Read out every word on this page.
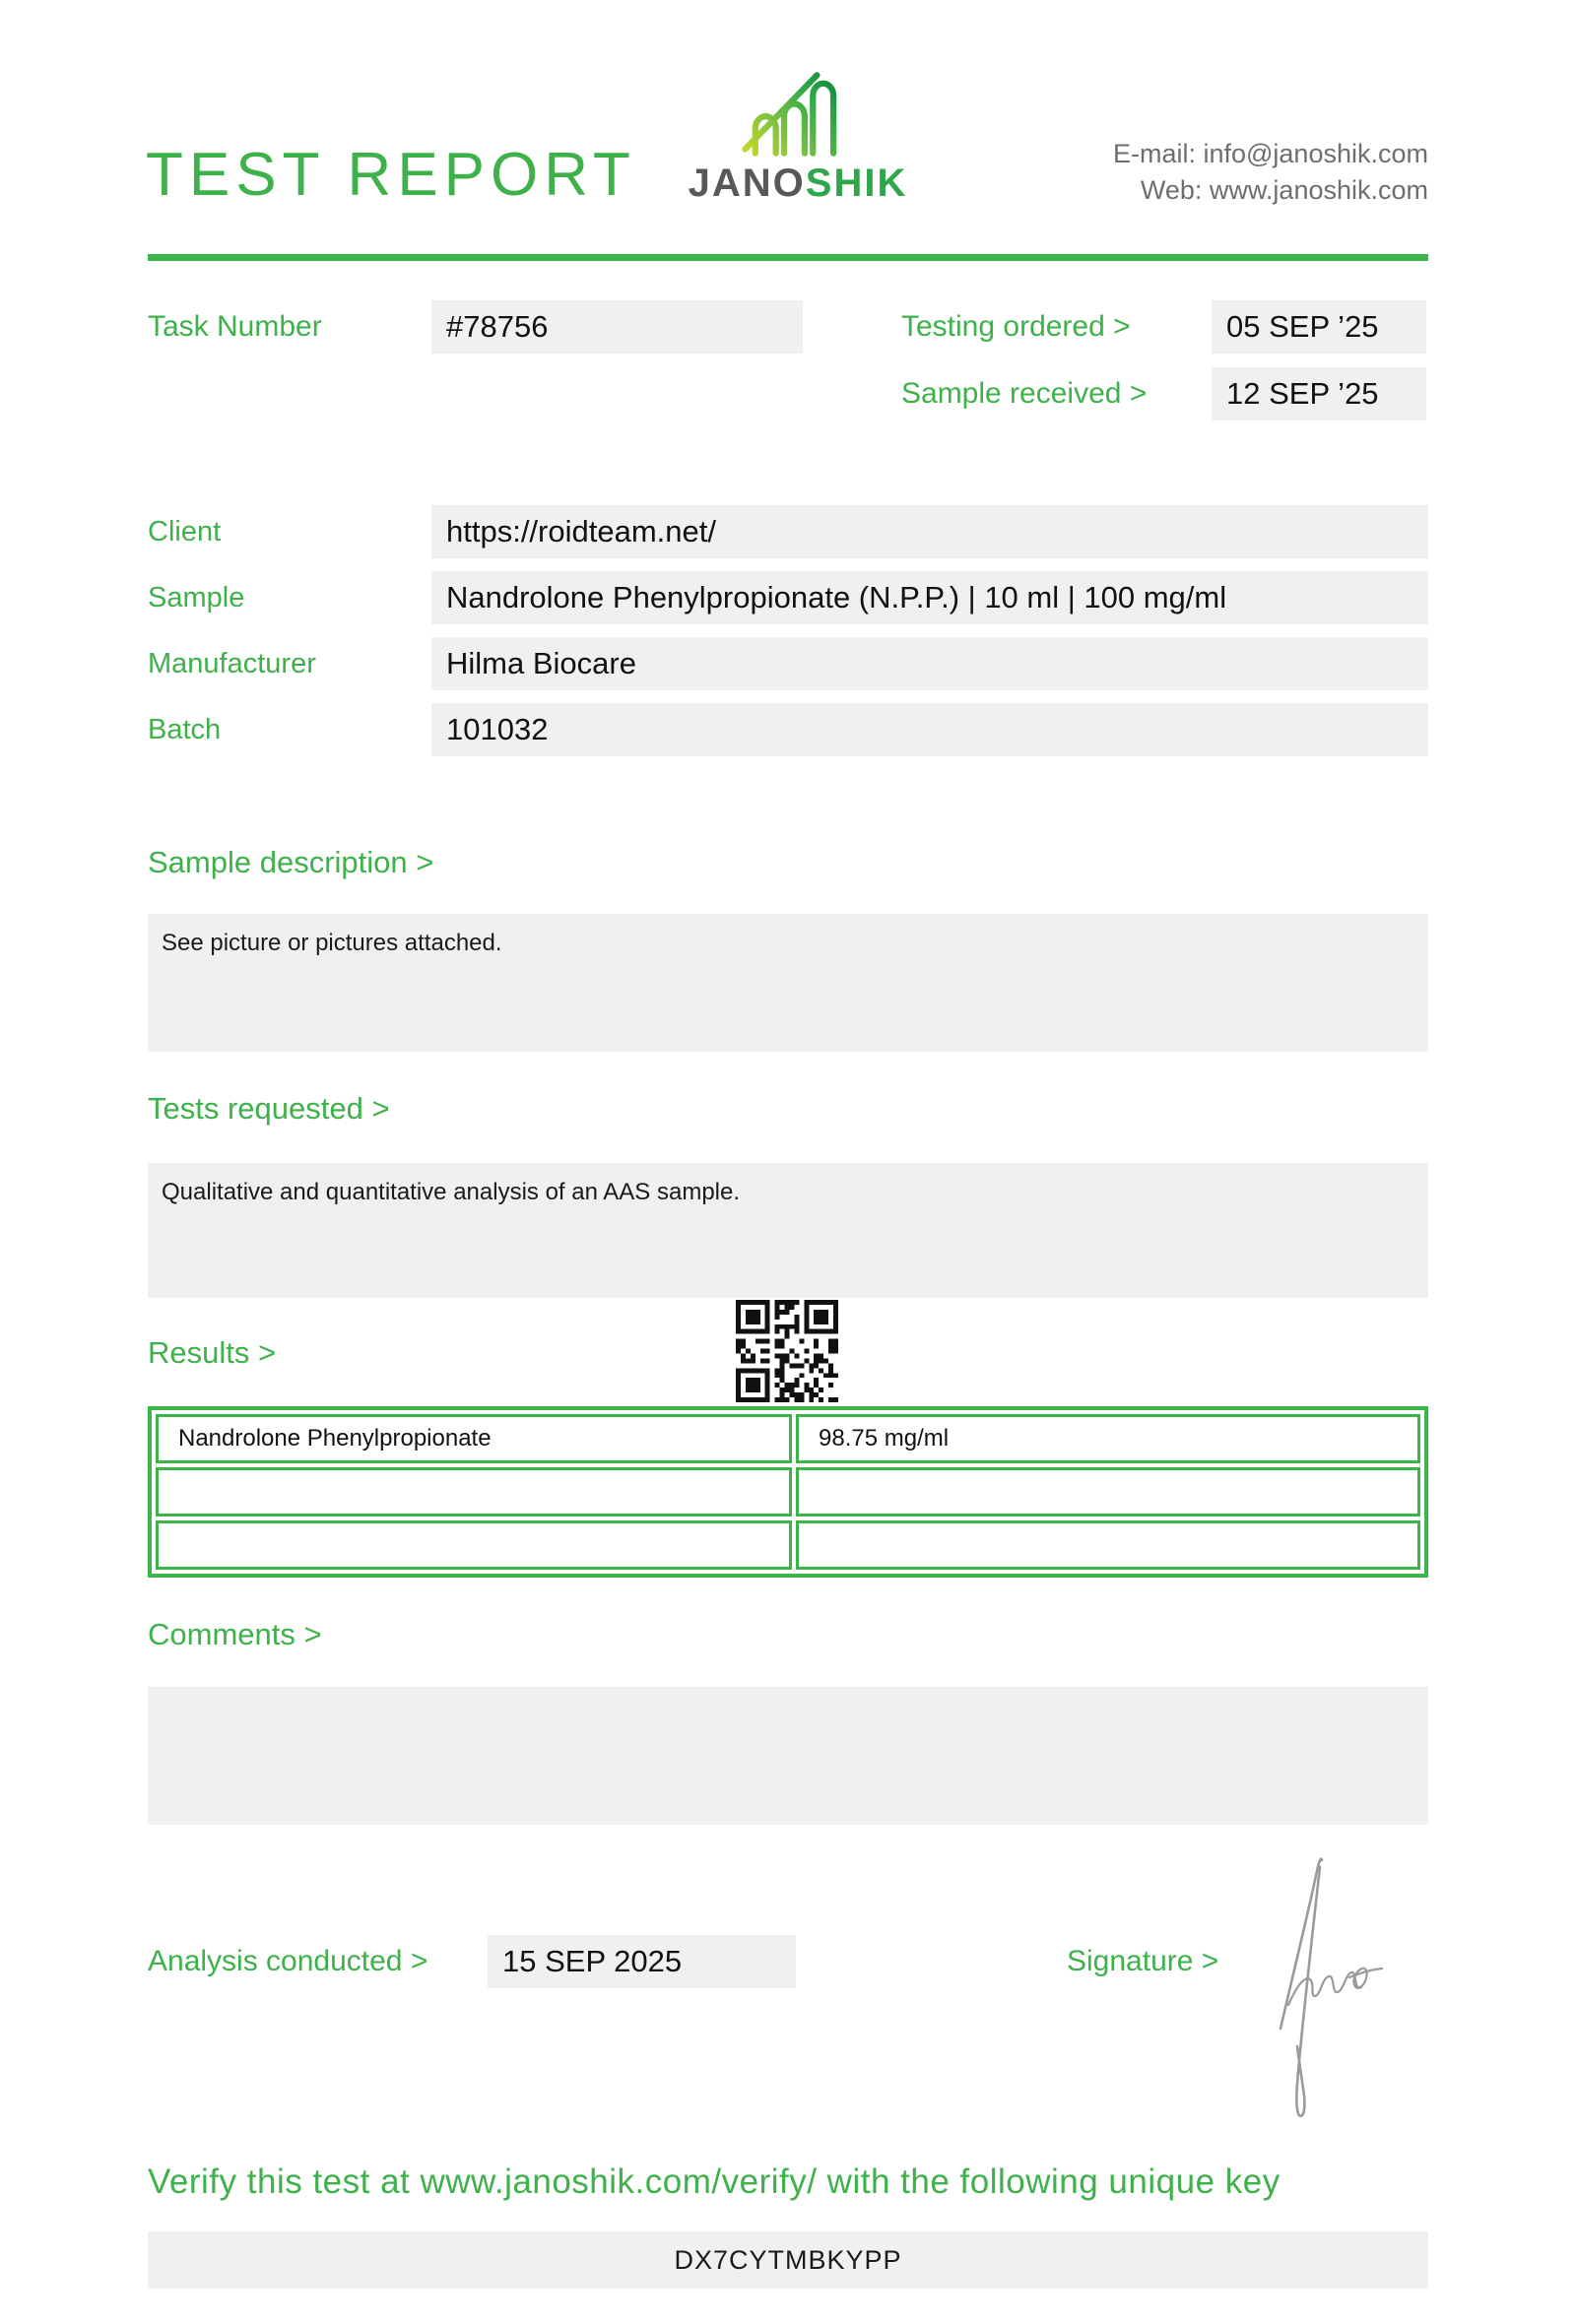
TEST REPORT	JANOSHIK
E-mail: info@janoshik.com
Web: www.janoshik.com
Task Number	#78756	Testing ordered >	05 SEP ’25
Sample received >	12 SEP ’25
Client	https://roidteam.net/
Sample	Nandrolone Phenylpropionate (N.P.P.) | 10 ml | 100 mg/ml
Manufacturer	Hilma Biocare
Batch	101032
Sample description >
See picture or pictures attached.
Tests requested >
Qualitative and quantitative analysis of an AAS sample.
Results >
Nandrolone Phenylpropionate	98.75 mg/ml

Comments >
Analysis conducted >	15 SEP 2025	Signature >
Verify this test at www.janoshik.com/verify/ with the following unique key
DX7CYTMBKYPP
